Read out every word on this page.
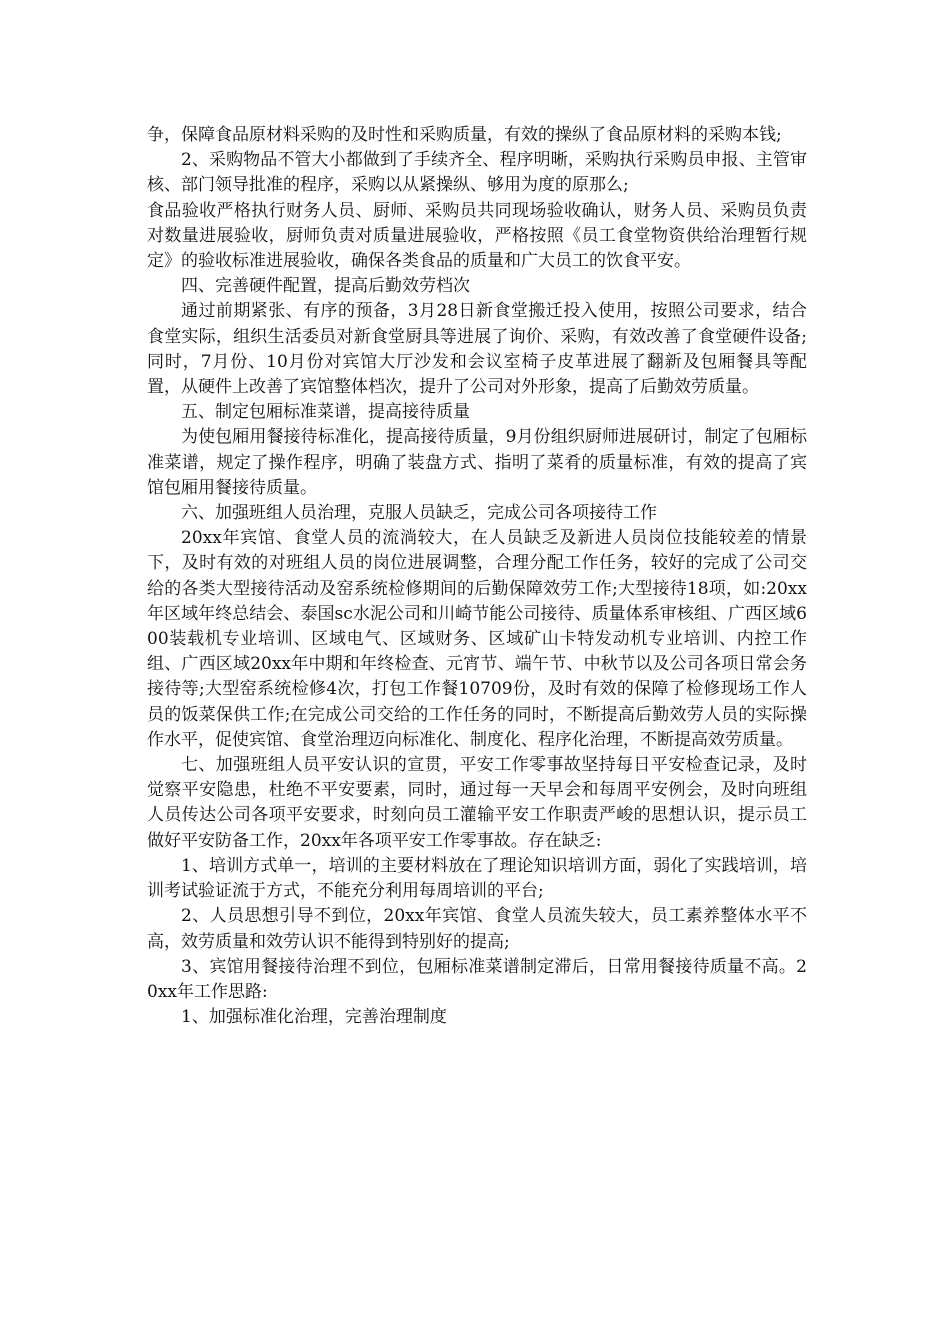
争，保障食品原材料采购的及时性和采购质量，有效的操纵了食品原材料的采购本钱;

2、采购物品不管大小都做到了手续齐全、程序明晰，采购执行采购员申报、主管审核、部门领导批准的程序，采购以从紧操纵、够用为度的原那么;

食品验收严格执行财务人员、厨师、采购员共同现场验收确认，财务人员、采购员负责对数量进展验收，厨师负责对质量进展验收，严格按照《员工食堂物资供给治理暂行规定》的验收标准进展验收，确保各类食品的质量和广大员工的饮食平安。

四、完善硬件配置，提高后勤效劳档次

通过前期紧张、有序的预备，3月28日新食堂搬迁投入使用，按照公司要求，结合食堂实际，组织生活委员对新食堂厨具等进展了询价、采购，有效改善了食堂硬件设备;同时，7月份、10月份对宾馆大厅沙发和会议室椅子皮革进展了翻新及包厢餐具等配置，从硬件上改善了宾馆整体档次，提升了公司对外形象，提高了后勤效劳质量。

五、制定包厢标准菜谱，提高接待质量

为使包厢用餐接待标准化，提高接待质量，9月份组织厨师进展研讨，制定了包厢标准菜谱，规定了操作程序，明确了装盘方式、指明了菜肴的质量标准，有效的提高了宾馆包厢用餐接待质量。

六、加强班组人员治理，克服人员缺乏，完成公司各项接待工作

20xx年宾馆、食堂人员的流淌较大，在人员缺乏及新进人员岗位技能较差的情景下，及时有效的对班组人员的岗位进展调整，合理分配工作任务，较好的完成了公司交给的各类大型接待活动及窑系统检修期间的后勤保障效劳工作;大型接待18项，如:20xx年区域年终总结会、泰国sc水泥公司和川崎节能公司接待、质量体系审核组、广西区域600装载机专业培训、区域电气、区域财务、区域矿山卡特发动机专业培训、内控工作组、广西区域20xx年中期和年终检查、元宵节、端午节、中秋节以及公司各项日常会务接待等;大型窑系统检修4次，打包工作餐10709份，及时有效的保障了检修现场工作人员的饭菜保供工作;在完成公司交给的工作任务的同时，不断提高后勤效劳人员的实际操作水平，促使宾馆、食堂治理迈向标准化、制度化、程序化治理，不断提高效劳质量。

七、加强班组人员平安认识的宣贯，平安工作零事故坚持每日平安检查记录，及时觉察平安隐患，杜绝不平安要素，同时，通过每一天早会和每周平安例会，及时向班组人员传达公司各项平安要求，时刻向员工灌输平安工作职责严峻的思想认识，提示员工做好平安防备工作，20xx年各项平安工作零事故。存在缺乏:

1、培训方式单一，培训的主要材料放在了理论知识培训方面，弱化了实践培训，培训考试验证流于方式，不能充分利用每周培训的平台;

2、人员思想引导不到位，20xx年宾馆、食堂人员流失较大，员工素养整体水平不高，效劳质量和效劳认识不能得到特别好的提高;

3、宾馆用餐接待治理不到位，包厢标准菜谱制定滞后，日常用餐接待质量不高。20xx年工作思路:

1、加强标准化治理，完善治理制度
